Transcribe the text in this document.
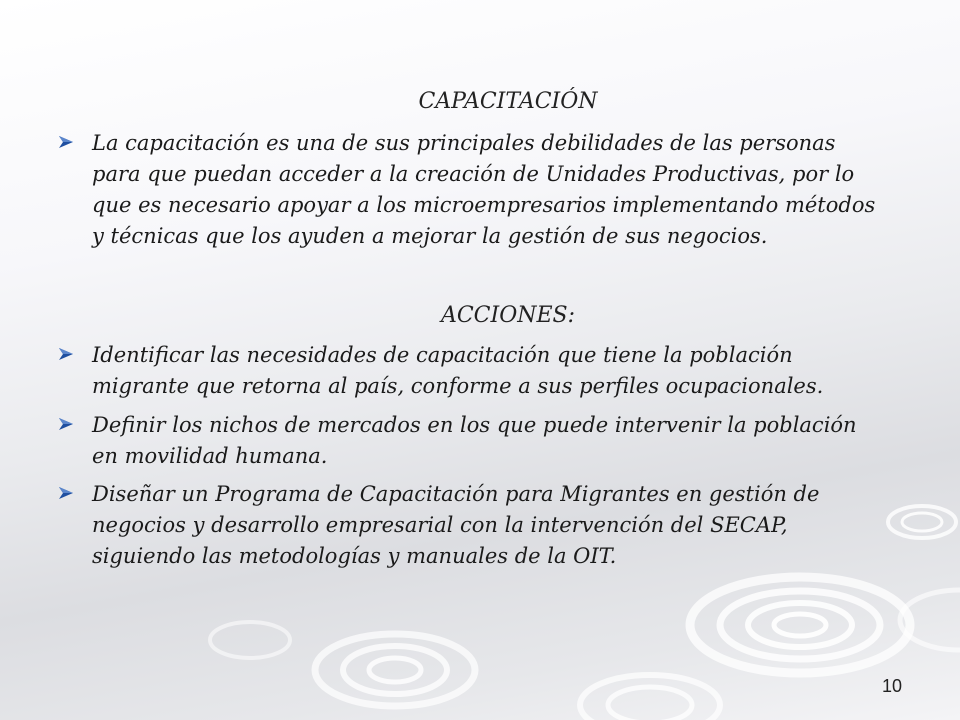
CAPACITACIÓN
La capacitación es una de sus principales debilidades de las personas para que puedan acceder a la creación de Unidades Productivas, por lo que es necesario apoyar a los microempresarios implementando métodos y técnicas que los ayuden a mejorar la gestión de sus negocios.
ACCIONES:
Identificar las necesidades de capacitación que tiene la población migrante que retorna al país, conforme a sus perfiles ocupacionales.
Definir los nichos de mercados en los que puede intervenir la población en movilidad humana.
Diseñar un Programa de Capacitación para Migrantes en gestión de negocios y desarrollo empresarial con la intervención del SECAP, siguiendo las metodologías y manuales de la OIT.
10
